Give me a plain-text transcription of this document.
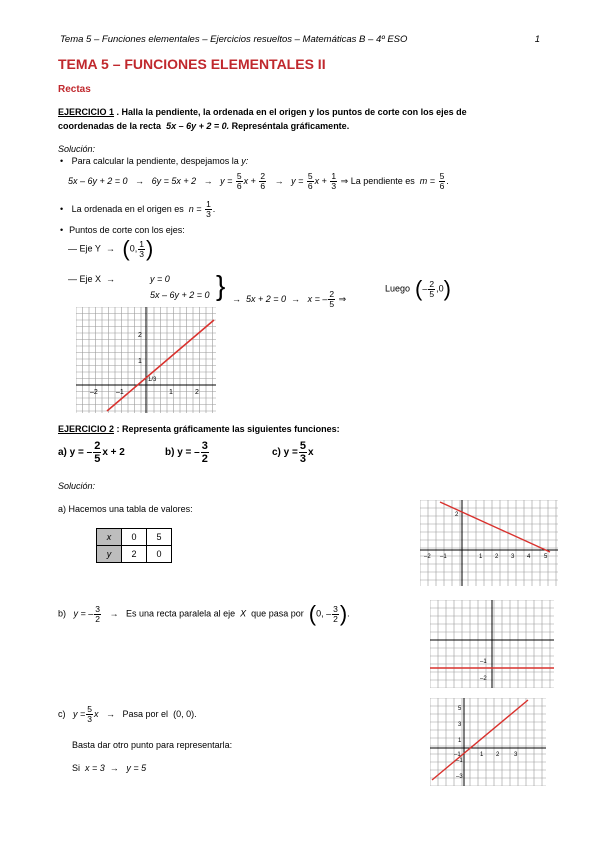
Tema 5 – Funciones elementales – Ejercicios resueltos – Matemáticas B – 4º ESO	1
TEMA 5 – FUNCIONES ELEMENTALES II
Rectas
EJERCICIO 1 . Halla la pendiente, la ordenada en el origen y los puntos de corte con los ejes de
coordenadas de la recta 5x – 6y + 2 = 0. Represéntala gráficamente.
Solución:
• Para calcular la pendiente, despejamos la y:
$5x - 6y + 2 = 0 \to 6y = 5x + 2 \to y = \frac{5}{6}$ $x + \frac{2}{6} \to y = \frac{5}{6}$ $x + \frac{1}{3}$ ⇒ La pendiente es $m = \frac{5}{6}$ .
• La ordenada en el origen es $n = \frac{1}{3}$ .
• Puntos de corte con los ejes:
— Eje Y  →   (0, $\frac{1}{3}$ )
— Eje X  →	y = 0
5x – 6y + 2 = 0 } →  5x + 2 = 0  →   x = – $\frac{2}{5}$ ⇒
Luego (– $\frac{2}{5} ,0$)
–2	–1	1	2
1
2
1/3
EJERCICIO 2 : Representa gráficamente las siguientes funciones:
a) y = – $\frac{2}{5}$ x + 2	b) y = – $\frac{3}{2}$	c) $y = \frac{5}{3}$ x
Solución:
a) Hacemos una tabla de valores:
x	0	5
y	2	0	–2 –1	1 2 3 4 5
2
b) y = – $\frac{3}{2} \to Es$ una recta paralela al eje X que pasa por (0, – $\frac{3}{2}$ ).
–1
–2
c) $y = \frac{5}{3}$ x   →   Pasa por el (0, 0).
Basta dar otro punto para representarla:
Si x = 3  →   y = 5
–1	1 2 3
5
3
1
–1
–3
